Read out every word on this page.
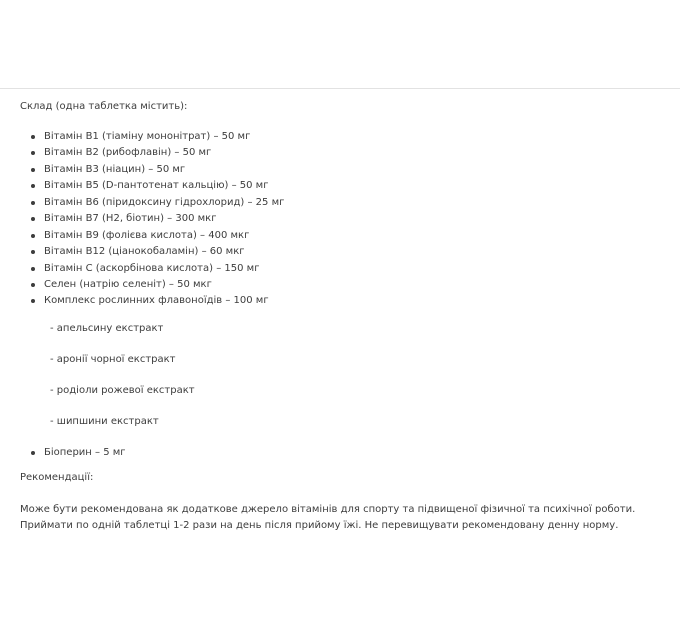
Склад (одна таблетка містить):
Вітамін В1 (тіаміну мононітрат) – 50 мг
Вітамін В2 (рибофлавін) – 50 мг
Вітамін В3 (ніацин) – 50 мг
Вітамін В5 (D-пантотенат кальцію) – 50 мг
Вітамін В6 (піридоксину гідрохлорид) – 25 мг
Вітамін В7 (Н2, біотин) – 300 мкг
Вітамін В9 (фолієва кислота) – 400 мкг
Вітамін В12 (ціанокобаламін) – 60 мкг
Вітамін С (аскорбінова кислота) – 150 мг
Селен (натрію селеніт) – 50 мкг
Комплекс рослинних флавоноїдів – 100 мг
- апельсину екстракт
- аронії чорної екстракт
- родіоли рожевої екстракт
- шипшини екстракт
Біоперин – 5 мг
Рекомендації:

Може бути рекомендована як додаткове джерело вітамінів для спорту та підвищеної фізичної та психічної роботи. Приймати по одній таблетці 1-2 рази на день після прийому їжі. Не перевищувати рекомендовану денну норму.
